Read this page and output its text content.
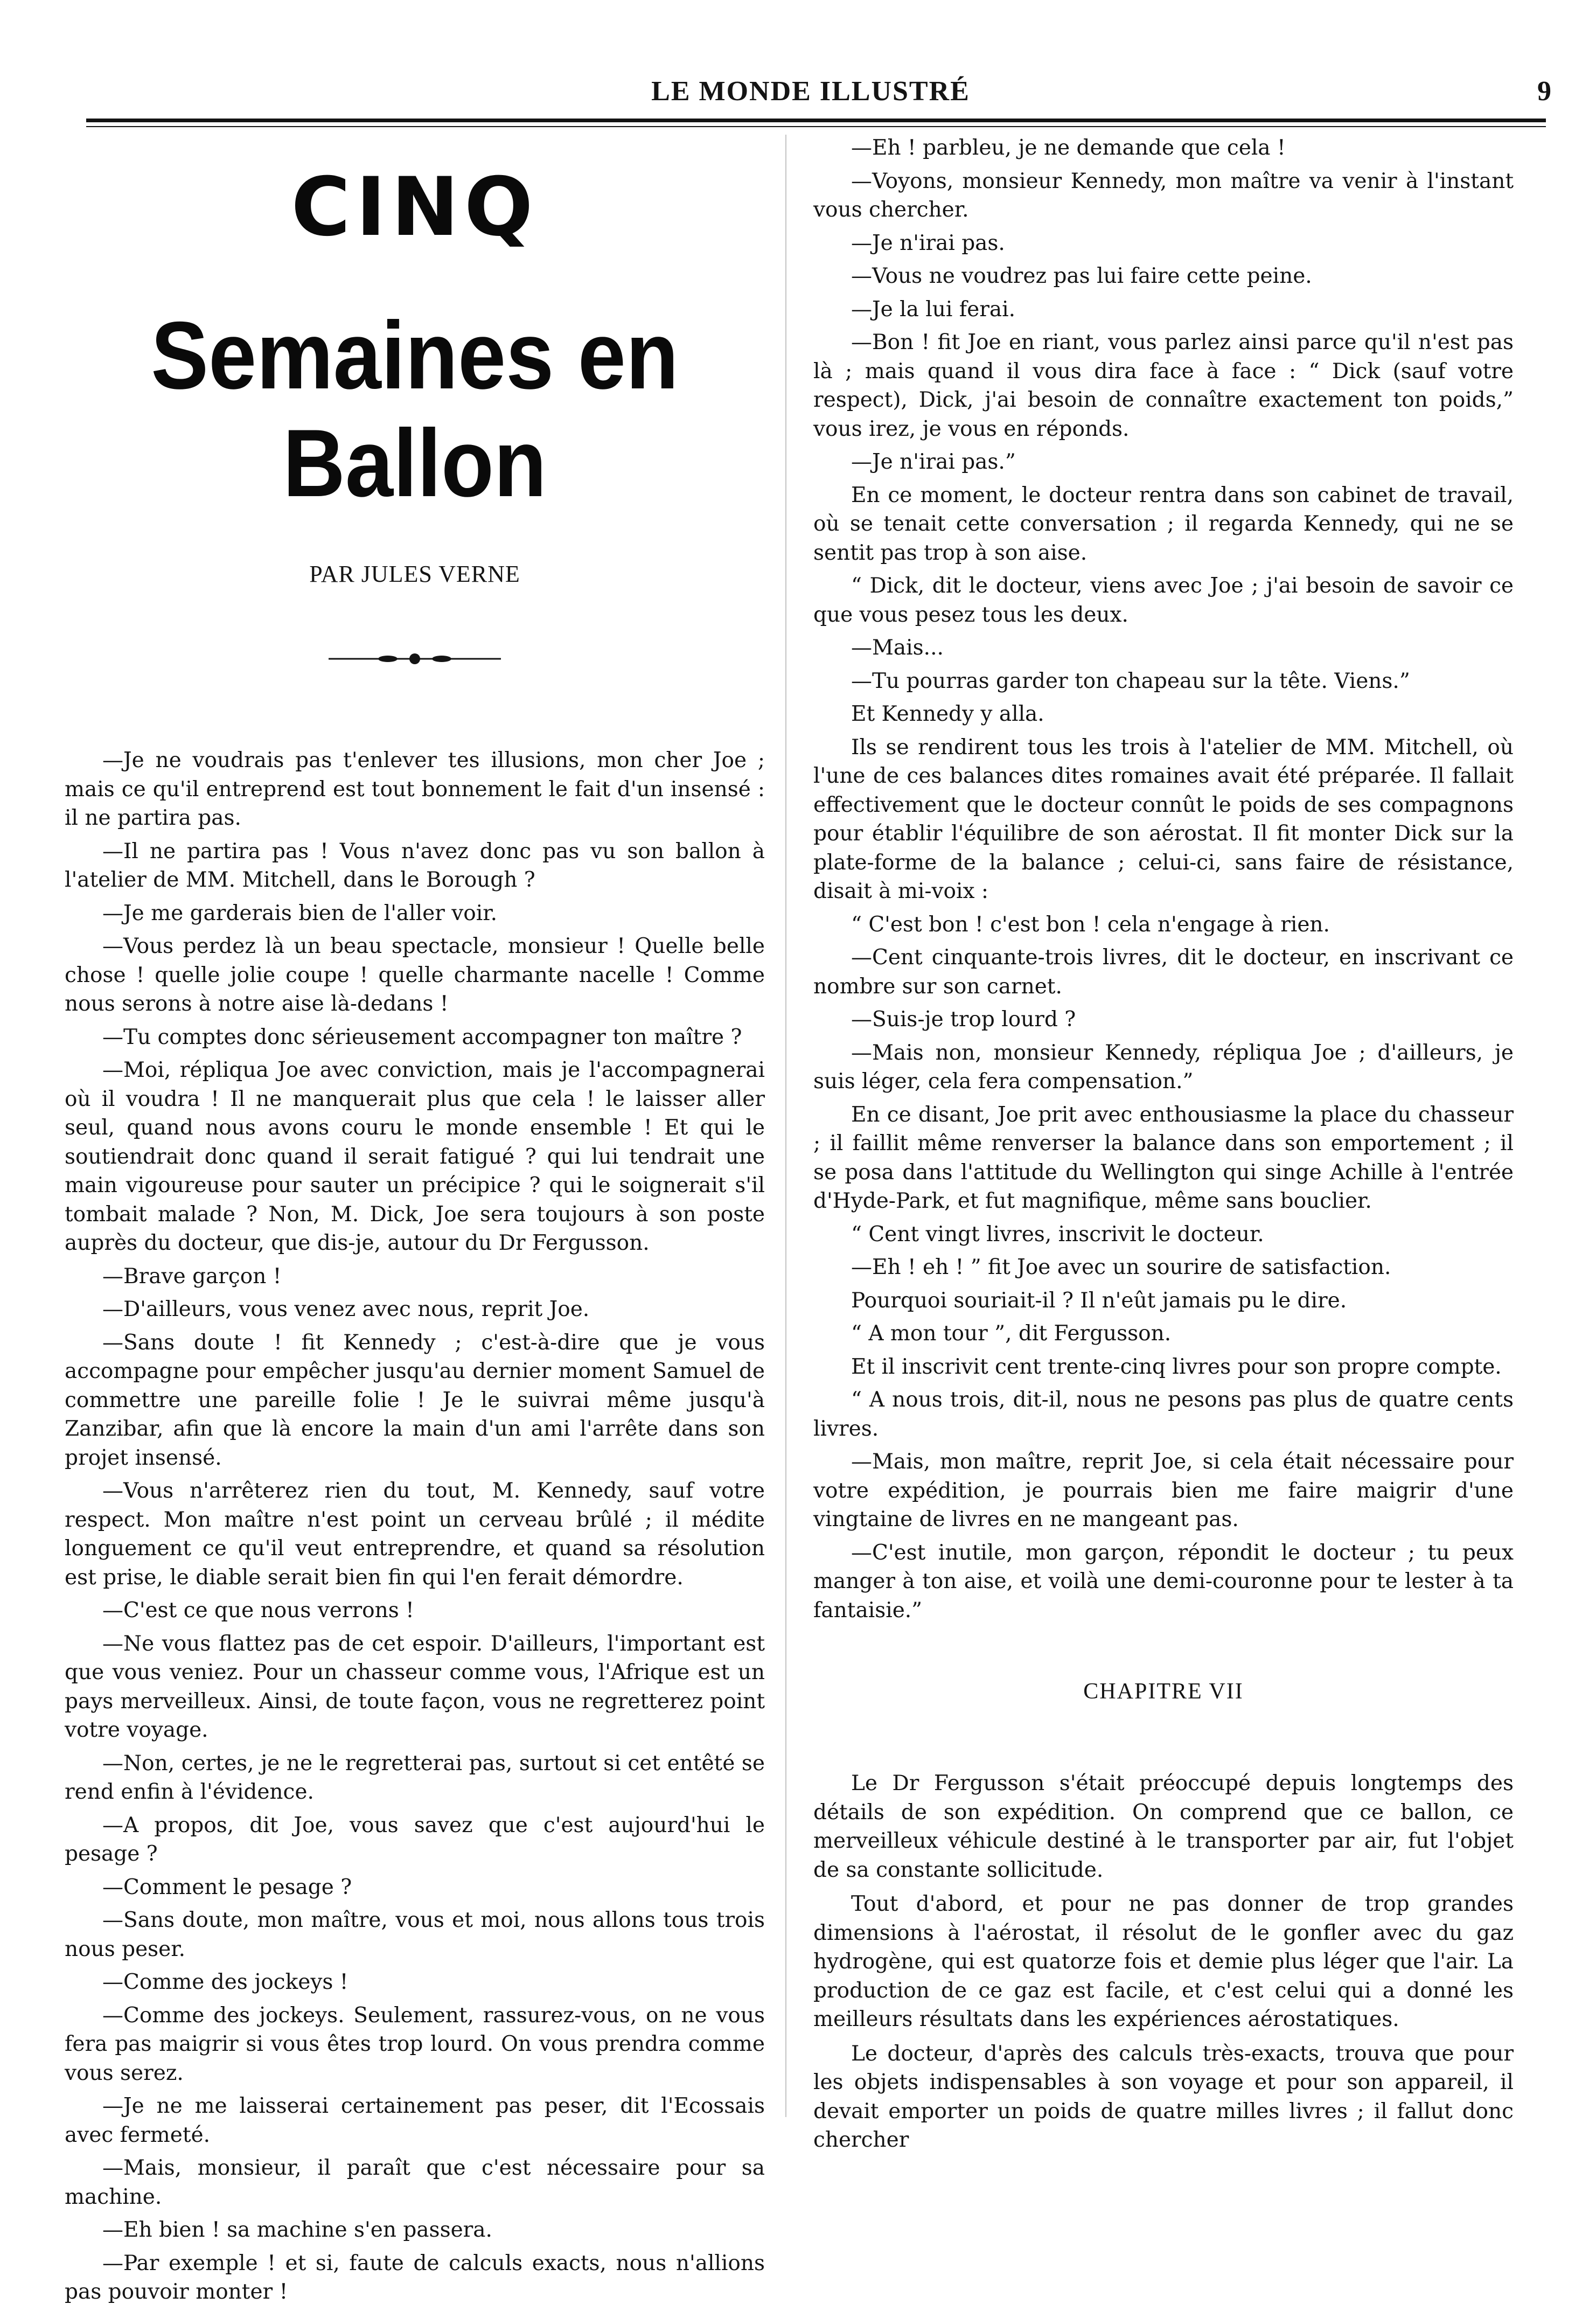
LE MONDE ILLUSTRÉ	9
CINQ
Semaines en Ballon
PAR JULES VERNE

—Je ne voudrais pas t'enlever tes illusions, mon cher Joe ; mais ce qu'il entreprend est tout bonnement le fait d'un insensé : il ne partira pas.

—Il ne partira pas ! Vous n'avez donc pas vu son ballon à l'atelier de MM. Mitchell, dans le Borough ?

—Je me garderais bien de l'aller voir.

—Vous perdez là un beau spectacle, monsieur ! Quelle belle chose ! quelle jolie coupe ! quelle charmante nacelle ! Comme nous serons à notre aise là-dedans !

—Tu comptes donc sérieusement accompagner ton maître ?

—Moi, répliqua Joe avec conviction, mais je l'accompagnerai où il voudra ! Il ne manquerait plus que cela ! le laisser aller seul, quand nous avons couru le monde ensemble ! Et qui le soutiendrait donc quand il serait fatigué ? qui lui tendrait une main vigoureuse pour sauter un précipice ? qui le soignerait s'il tombait malade ? Non, M. Dick, Joe sera toujours à son poste auprès du docteur, que dis-je, autour du Dr Fergusson.

—Brave garçon !

—D'ailleurs, vous venez avec nous, reprit Joe.

—Sans doute ! fit Kennedy ; c'est-à-dire que je vous accompagne pour empêcher jusqu'au dernier moment Samuel de commettre une pareille folie ! Je le suivrai même jusqu'à Zanzibar, afin que là encore la main d'un ami l'arrête dans son projet insensé.

—Vous n'arrêterez rien du tout, M. Kennedy, sauf votre respect. Mon maître n'est point un cerveau brûlé ; il médite longuement ce qu'il veut entreprendre, et quand sa résolution est prise, le diable serait bien fin qui l'en ferait démordre.

—C'est ce que nous verrons !

—Ne vous flattez pas de cet espoir. D'ailleurs, l'important est que vous veniez. Pour un chasseur comme vous, l'Afrique est un pays merveilleux. Ainsi, de toute façon, vous ne regretterez point votre voyage.

—Non, certes, je ne le regretterai pas, surtout si cet entêté se rend enfin à l'évidence.

—A propos, dit Joe, vous savez que c'est aujourd'hui le pesage ?

—Comment le pesage ?

—Sans doute, mon maître, vous et moi, nous allons tous trois nous peser.

—Comme des jockeys !

—Comme des jockeys. Seulement, rassurez-vous, on ne vous fera pas maigrir si vous êtes trop lourd. On vous prendra comme vous serez.

—Je ne me laisserai certainement pas peser, dit l'Ecossais avec fermeté.

—Mais, monsieur, il paraît que c'est nécessaire pour sa machine.

—Eh bien ! sa machine s'en passera.

—Par exemple ! et si, faute de calculs exacts, nous n'allions pas pouvoir monter !

—Eh ! parbleu, je ne demande que cela !

—Voyons, monsieur Kennedy, mon maître va venir à l'instant vous chercher.

—Je n'irai pas.

—Vous ne voudrez pas lui faire cette peine.

—Je la lui ferai.

—Bon ! fit Joe en riant, vous parlez ainsi parce qu'il n'est pas là ; mais quand il vous dira face à face : “ Dick (sauf votre respect), Dick, j'ai besoin de connaître exactement ton poids,” vous irez, je vous en réponds.

—Je n'irai pas.”

En ce moment, le docteur rentra dans son cabinet de travail, où se tenait cette conversation ; il regarda Kennedy, qui ne se sentit pas trop à son aise.

“ Dick, dit le docteur, viens avec Joe ; j'ai besoin de savoir ce que vous pesez tous les deux.

—Mais...

—Tu pourras garder ton chapeau sur la tête. Viens.”

Et Kennedy y alla.

Ils se rendirent tous les trois à l'atelier de MM. Mitchell, où l'une de ces balances dites romaines avait été préparée. Il fallait effectivement que le docteur connût le poids de ses compagnons pour établir l'équilibre de son aérostat. Il fit monter Dick sur la plate-forme de la balance ; celui-ci, sans faire de résistance, disait à mi-voix :

“ C'est bon ! c'est bon ! cela n'engage à rien.

—Cent cinquante-trois livres, dit le docteur, en inscrivant ce nombre sur son carnet.

—Suis-je trop lourd ?

—Mais non, monsieur Kennedy, répliqua Joe ; d'ailleurs, je suis léger, cela fera compensation.”

En ce disant, Joe prit avec enthousiasme la place du chasseur ; il faillit même renverser la balance dans son emportement ; il se posa dans l'attitude du Wellington qui singe Achille à l'entrée d'Hyde-Park, et fut magnifique, même sans bouclier.

“ Cent vingt livres, inscrivit le docteur.

—Eh ! eh ! ” fit Joe avec un sourire de satisfaction.

Pourquoi souriait-il ? Il n'eût jamais pu le dire.

“ A mon tour ”, dit Fergusson.

Et il inscrivit cent trente-cinq livres pour son propre compte.

“ A nous trois, dit-il, nous ne pesons pas plus de quatre cents livres.

—Mais, mon maître, reprit Joe, si cela était nécessaire pour votre expédition, je pourrais bien me faire maigrir d'une vingtaine de livres en ne mangeant pas.

—C'est inutile, mon garçon, répondit le docteur ; tu peux manger à ton aise, et voilà une demi-couronne pour te lester à ta fantaisie.”

CHAPITRE VII

Le Dr Fergusson s'était préoccupé depuis longtemps des détails de son expédition. On comprend que ce ballon, ce merveilleux véhicule destiné à le transporter par air, fut l'objet de sa constante sollicitude.

Tout d'abord, et pour ne pas donner de trop grandes dimensions à l'aérostat, il résolut de le gonfler avec du gaz hydrogène, qui est quatorze fois et demie plus léger que l'air. La production de ce gaz est facile, et c'est celui qui a donné les meilleurs résultats dans les expériences aérostatiques.

Le docteur, d'après des calculs très-exacts, trouva que pour les objets indispensables à son voyage et pour son appareil, il devait emporter un poids de quatre milles livres ; il fallut donc chercher
